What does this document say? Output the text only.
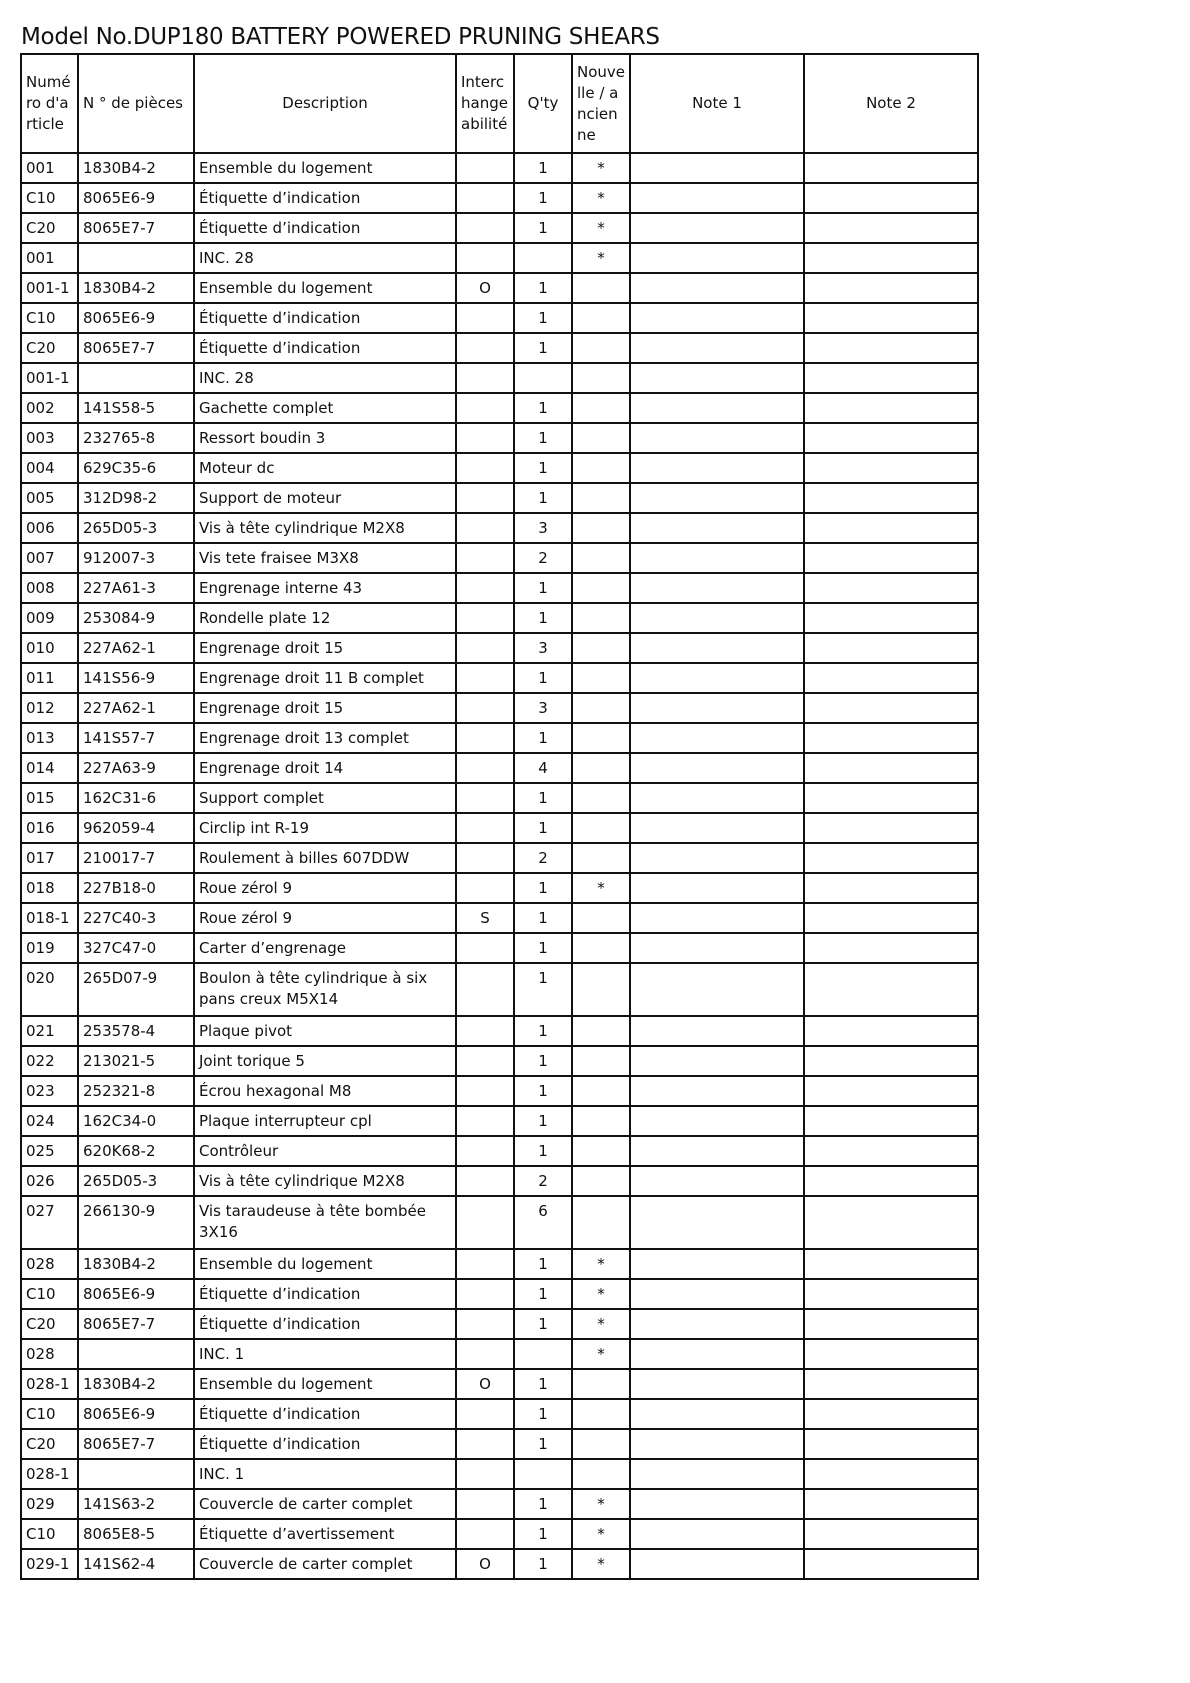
Model No.DUP180 BATTERY POWERED PRUNING SHEARS
Numéro d'article	N ° de pièces	Description	Interchangeabilité	Q'ty	Nouvelle / ancienne	Note 1	Note 2
001	1830B4-2	Ensemble du logement		1	*		
C10	8065E6-9	Étiquette d’indication		1	*		
C20	8065E7-7	Étiquette d’indication		1	*		
001		INC. 28			*		
001-1	1830B4-2	Ensemble du logement	O	1			
C10	8065E6-9	Étiquette d’indication		1			
C20	8065E7-7	Étiquette d’indication		1			
001-1		INC. 28					
002	141S58-5	Gachette complet		1			
003	232765-8	Ressort boudin 3		1			
004	629C35-6	Moteur dc		1			
005	312D98-2	Support de moteur		1			
006	265D05-3	Vis à tête cylindrique M2X8		3			
007	912007-3	Vis tete fraisee M3X8		2			
008	227A61-3	Engrenage interne 43		1			
009	253084-9	Rondelle plate 12		1			
010	227A62-1	Engrenage droit 15		3			
011	141S56-9	Engrenage droit 11 B complet		1			
012	227A62-1	Engrenage droit 15		3			
013	141S57-7	Engrenage droit 13 complet		1			
014	227A63-9	Engrenage droit 14		4			
015	162C31-6	Support complet		1			
016	962059-4	Circlip int R-19		1			
017	210017-7	Roulement à billes 607DDW		2			
018	227B18-0	Roue zérol 9		1	*		
018-1	227C40-3	Roue zérol 9	S	1			
019	327C47-0	Carter d’engrenage		1			
020	265D07-9	Boulon à tête cylindrique à six pans creux M5X14		1			
021	253578-4	Plaque pivot		1			
022	213021-5	Joint torique 5		1			
023	252321-8	Écrou hexagonal M8		1			
024	162C34-0	Plaque interrupteur cpl		1			
025	620K68-2	Contrôleur		1			
026	265D05-3	Vis à tête cylindrique M2X8		2			
027	266130-9	Vis taraudeuse à tête bombée 3X16		6			
028	1830B4-2	Ensemble du logement		1	*		
C10	8065E6-9	Étiquette d’indication		1	*		
C20	8065E7-7	Étiquette d’indication		1	*		
028		INC. 1			*		
028-1	1830B4-2	Ensemble du logement	O	1			
C10	8065E6-9	Étiquette d’indication		1			
C20	8065E7-7	Étiquette d’indication		1			
028-1		INC. 1					
029	141S63-2	Couvercle de carter complet		1	*		
C10	8065E8-5	Étiquette d’avertissement		1	*		
029-1	141S62-4	Couvercle de carter complet	O	1	*		
